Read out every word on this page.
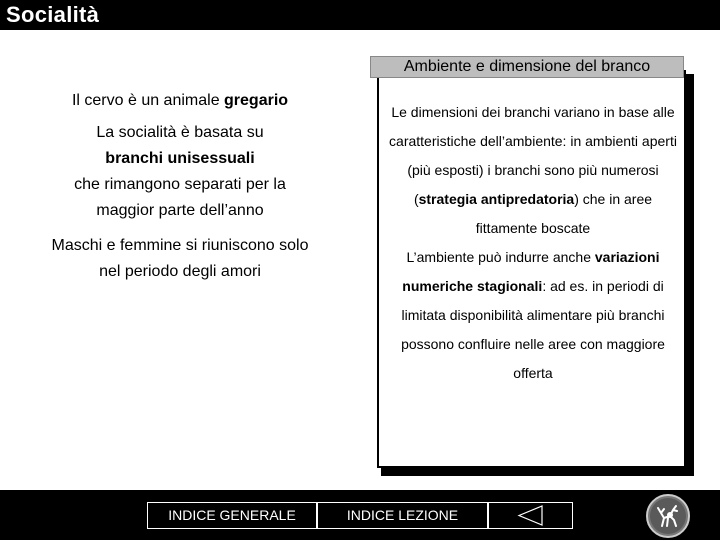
Socialità
Il cervo è un animale gregario
La socialità è basata su
branchi unisessuali
che rimangono separati per la
maggior parte dell’anno
Maschi e femmine si riuniscono solo
nel periodo degli amori
Ambiente e dimensione del branco

Le dimensioni dei branchi variano in base alle caratteristiche dell’ambiente: in ambienti aperti (più esposti) i branchi sono più numerosi (strategia antipredatoria) che in aree fittamente boscate

L’ambiente può indurre anche variazioni numeriche stagionali: ad es. in periodi di limitata disponibilità alimentare più branchi possono confluire nelle aree con maggiore offerta

INDICE GENERALE	INDICE LEZIONE
